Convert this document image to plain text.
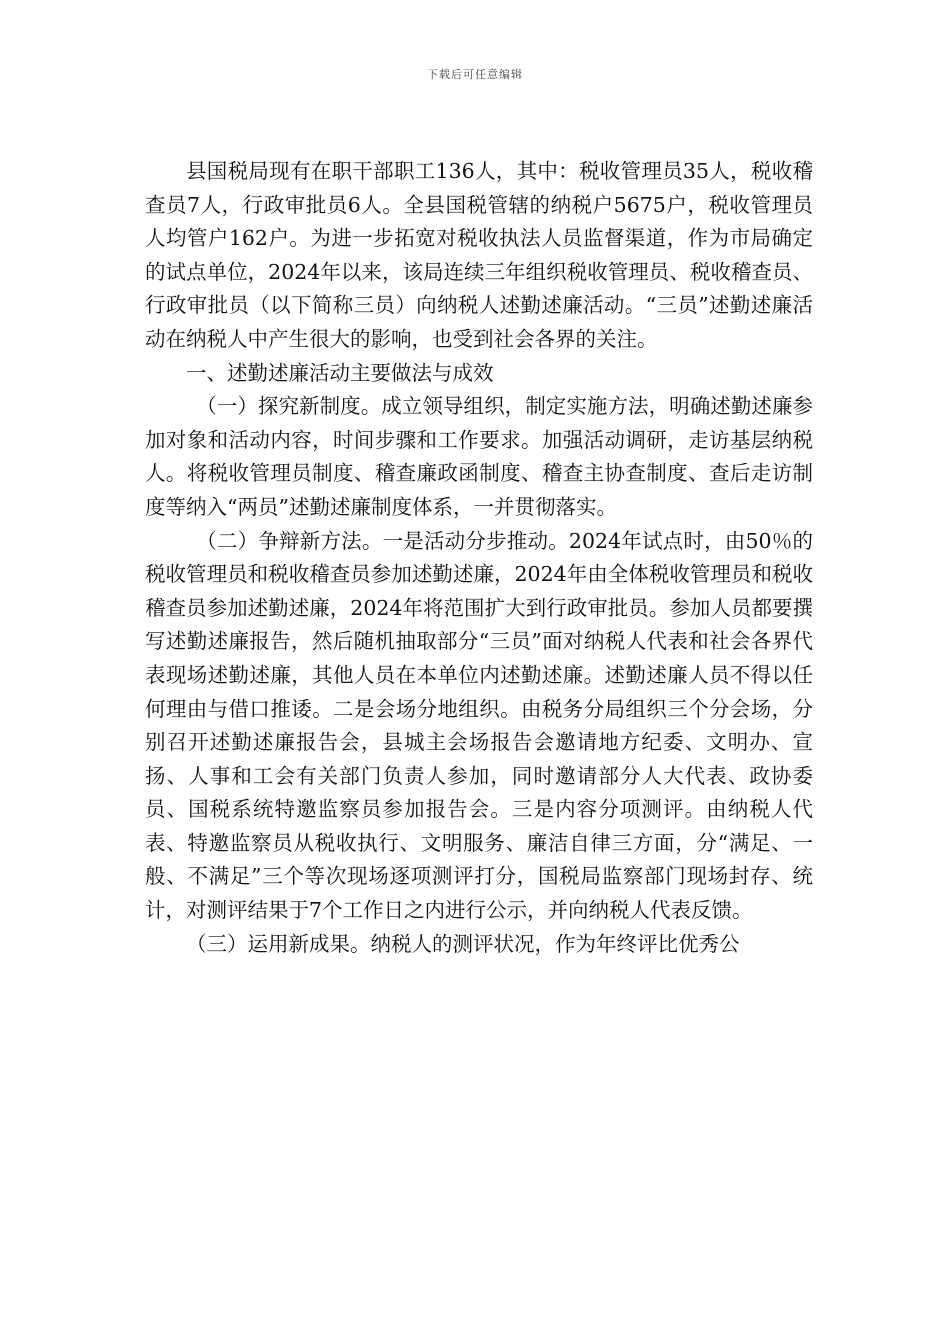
下载后可任意编辑

县国税局现有在职干部职工136人，其中：税收管理员35人，税收稽查员7人，行政审批员6人。全县国税管辖的纳税户5675户，税收管理员人均管户162户。为进一步拓宽对税收执法人员监督渠道，作为市局确定的试点单位，2024年以来，该局连续三年组织税收管理员、税收稽查员、行政审批员（以下简称三员）向纳税人述勤述廉活动。“三员”述勤述廉活动在纳税人中产生很大的影响，也受到社会各界的关注。

一、述勤述廉活动主要做法与成效

（一）探究新制度。成立领导组织，制定实施方法，明确述勤述廉参加对象和活动内容，时间步骤和工作要求。加强活动调研，走访基层纳税人。将税收管理员制度、稽查廉政函制度、稽查主协查制度、查后走访制度等纳入“两员”述勤述廉制度体系，一并贯彻落实。

（二）争辩新方法。一是活动分步推动。2024年试点时，由50％的税收管理员和税收稽查员参加述勤述廉，2024年由全体税收管理员和税收稽查员参加述勤述廉，2024年将范围扩大到行政审批员。参加人员都要撰写述勤述廉报告，然后随机抽取部分“三员”面对纳税人代表和社会各界代表现场述勤述廉，其他人员在本单位内述勤述廉。述勤述廉人员不得以任何理由与借口推诿。二是会场分地组织。由税务分局组织三个分会场，分别召开述勤述廉报告会，县城主会场报告会邀请地方纪委、文明办、宣扬、人事和工会有关部门负责人参加，同时邀请部分人大代表、政协委员、国税系统特邀监察员参加报告会。三是内容分项测评。由纳税人代表、特邀监察员从税收执行、文明服务、廉洁自律三方面，分“满足、一般、不满足”三个等次现场逐项测评打分，国税局监察部门现场封存、统计，对测评结果于7个工作日之内进行公示，并向纳税人代表反馈。

（三）运用新成果。纳税人的测评状况，作为年终评比优秀公
